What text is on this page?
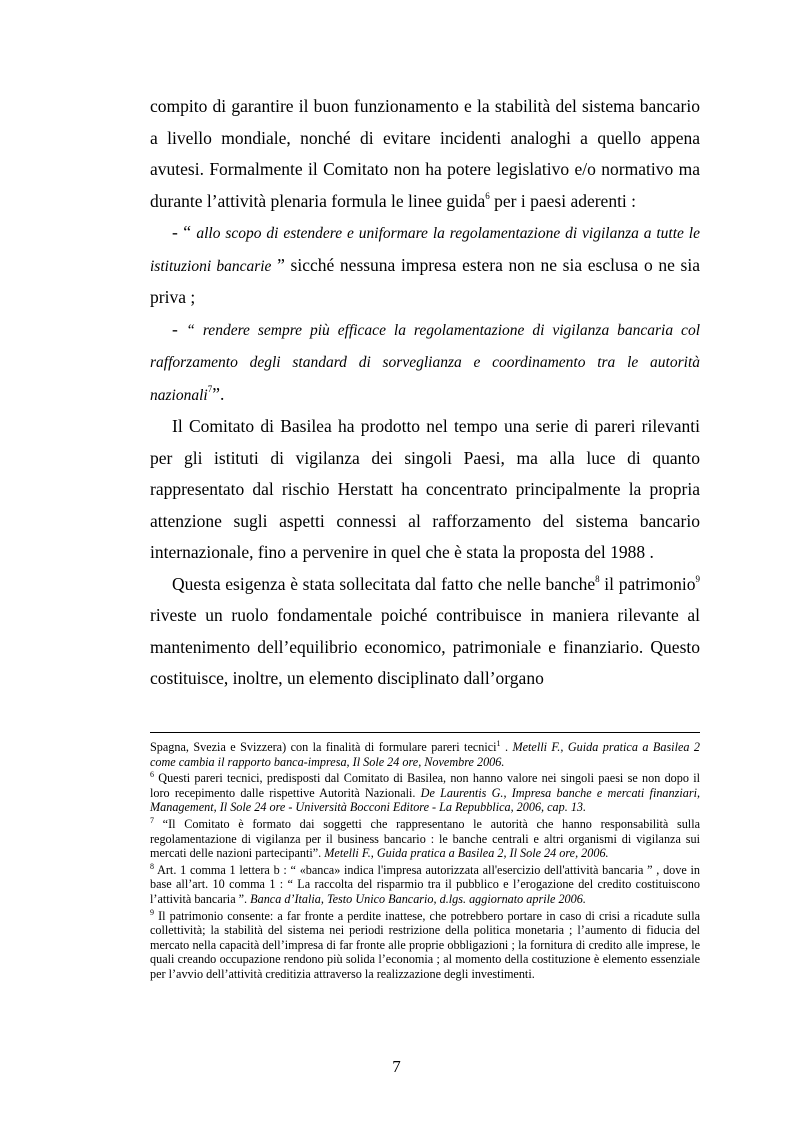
compito di garantire il buon funzionamento e la stabilità del sistema bancario a livello mondiale, nonché di evitare incidenti analoghi a quello appena avutesi. Formalmente il Comitato non ha potere legislativo e/o normativo ma durante l’attività plenaria formula le linee guida$^6$ per i paesi aderenti :

- “ allo scopo di estendere e uniformare la regolamentazione di vigilanza a tutte le istituzioni bancarie ” sicché nessuna impresa estera non ne sia esclusa o ne sia priva ;

- “ rendere sempre più efficace la regolamentazione di vigilanza bancaria col rafforzamento degli standard di sorveglianza e coordinamento tra le autorità nazionali$^7$”.

Il Comitato di Basilea ha prodotto nel tempo una serie di pareri rilevanti per gli istituti di vigilanza dei singoli Paesi, ma alla luce di quanto rappresentato dal rischio Herstatt ha concentrato principalmente la propria attenzione sugli aspetti connessi al rafforzamento del sistema bancario internazionale, fino a pervenire in quel che è stata la proposta del 1988 .

Questa esigenza è stata sollecitata dal fatto che nelle banche$^8$ il patrimonio$^9$ riveste un ruolo fondamentale poiché contribuisce in maniera rilevante al mantenimento dell’equilibrio economico, patrimoniale e finanziario. Questo costituisce, inoltre, un elemento disciplinato dall’organo

Spagna, Svezia e Svizzera) con la finalità di formulare pareri tecnici$^1$ . Metelli F., Guida pratica a Basilea 2 come cambia il rapporto banca-impresa, Il Sole 24 ore, Novembre 2006.

$^6$ Questi pareri tecnici, predisposti dal Comitato di Basilea, non hanno valore nei singoli paesi se non dopo il loro recepimento dalle rispettive Autorità Nazionali. De Laurentis G., Impresa banche e mercati finanziari, Management, Il Sole 24 ore - Università Bocconi Editore - La Repubblica, 2006, cap. 13.

$^7$ “Il Comitato è formato dai soggetti che rappresentano le autorità che hanno responsabilità sulla regolamentazione di vigilanza per il business bancario : le banche centrali e altri organismi di vigilanza sui mercati delle nazioni partecipanti”. Metelli F., Guida pratica a Basilea 2, Il Sole 24 ore, 2006.

$^8$ Art. 1 comma 1 lettera b : “ «banca» indica l'impresa autorizzata all'esercizio dell'attività bancaria ” , dove in base all’art. 10 comma 1 : “ La raccolta del risparmio tra il pubblico e l’erogazione del credito costituiscono l’attività bancaria ”. Banca d’Italia, Testo Unico Bancario, d.lgs. aggiornato aprile 2006.

$^9$ Il patrimonio consente: a far fronte a perdite inattese, che potrebbero portare in caso di crisi a ricadute sulla collettività; la stabilità del sistema nei periodi restrizione della politica monetaria ; l’aumento di fiducia del mercato nella capacità dell’impresa di far fronte alle proprie obbligazioni ; la fornitura di credito alle imprese, le quali creando occupazione rendono più solida l’economia ; al momento della costituzione è elemento essenziale per l’avvio dell’attività creditizia attraverso la realizzazione degli investimenti.

7
